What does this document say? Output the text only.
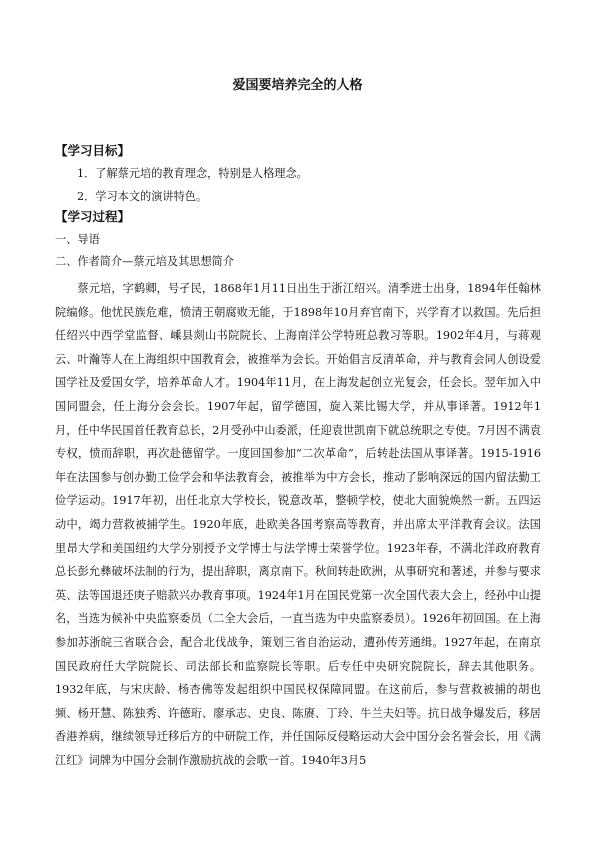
爱国要培养完全的人格
【学习目标】
1．了解蔡元培的教育理念，特别是人格理念。
2．学习本文的演讲特色。
【学习过程】
一、导语
二、作者简介—蔡元培及其思想简介
蔡元培，字鹤卿，号孑民，1868年1月11日出生于浙江绍兴。清季进士出身，1894年任翰林院编修。他忧民族危难，愤清王朝腐败无能，于1898年10月弃官南下，兴学育才以救国。先后担任绍兴中西学堂监督、嵊县剡山书院院长、上海南洋公学特班总教习等职。1902年4月，与蒋观云、叶瀚等人在上海组织中国教育会，被推举为会长。开始倡言反清革命，并与教育会同人创设爱国学社及爱国女学，培养革命人才。1904年11月，在上海发起创立光复会，任会长。翌年加入中国同盟会，任上海分会会长。1907年起，留学德国，旋入莱比锡大学，并从事译著。1912年1月，任中华民国首任教育总长，2月受孙中山委派，任迎袁世凯南下就总统职之专使。7月因不满袁专权，愤而辞职，再次赴德留学。一度回国参加“二次革命”，后转赴法国从事译著。1915-1916年在法国参与创办勤工俭学会和华法教育会，被推举为中方会长，推动了影响深远的国内留法勤工俭学运动。1917年初，出任北京大学校长，锐意改革，整顿学校，使北大面貌焕然一新。五四运动中，竭力营救被捕学生。1920年底，赴欧美各国考察高等教育，并出席太平洋教育会议。法国里昂大学和美国纽约大学分别授予文学博士与法学博士荣誉学位。1923年春，不满北洋政府教育总长彭允彝破坏法制的行为，提出辞职，离京南下。秋间转赴欧洲，从事研究和著述，并参与要求英、法等国退还庚子赔款兴办教育事项。1924年1月在国民党第一次全国代表大会上，经孙中山提名，当选为候补中央监察委员（二全大会后，一直当选为中央监察委员）。1926年初回国。在上海参加苏浙皖三省联合会，配合北伐战争，策划三省自治运动，遭孙传芳通缉。1927年起，在南京国民政府任大学院院长、司法部长和监察院长等职。后专任中央研究院院长，辞去其他职务。1932年底，与宋庆龄、杨杏佛等发起组织中国民权保障同盟。在这前后，参与营救被捕的胡也频、杨开慧、陈独秀、许德珩、廖承志、史良、陈赓、丁玲、牛兰夫妇等。抗日战争爆发后，移居香港养病，继续领导迁移后方的中研院工作，并任国际反侵略运动大会中国分会名誉会长，用《满江红》词牌为中国分会制作激励抗战的会歌一首。1940年3月5
